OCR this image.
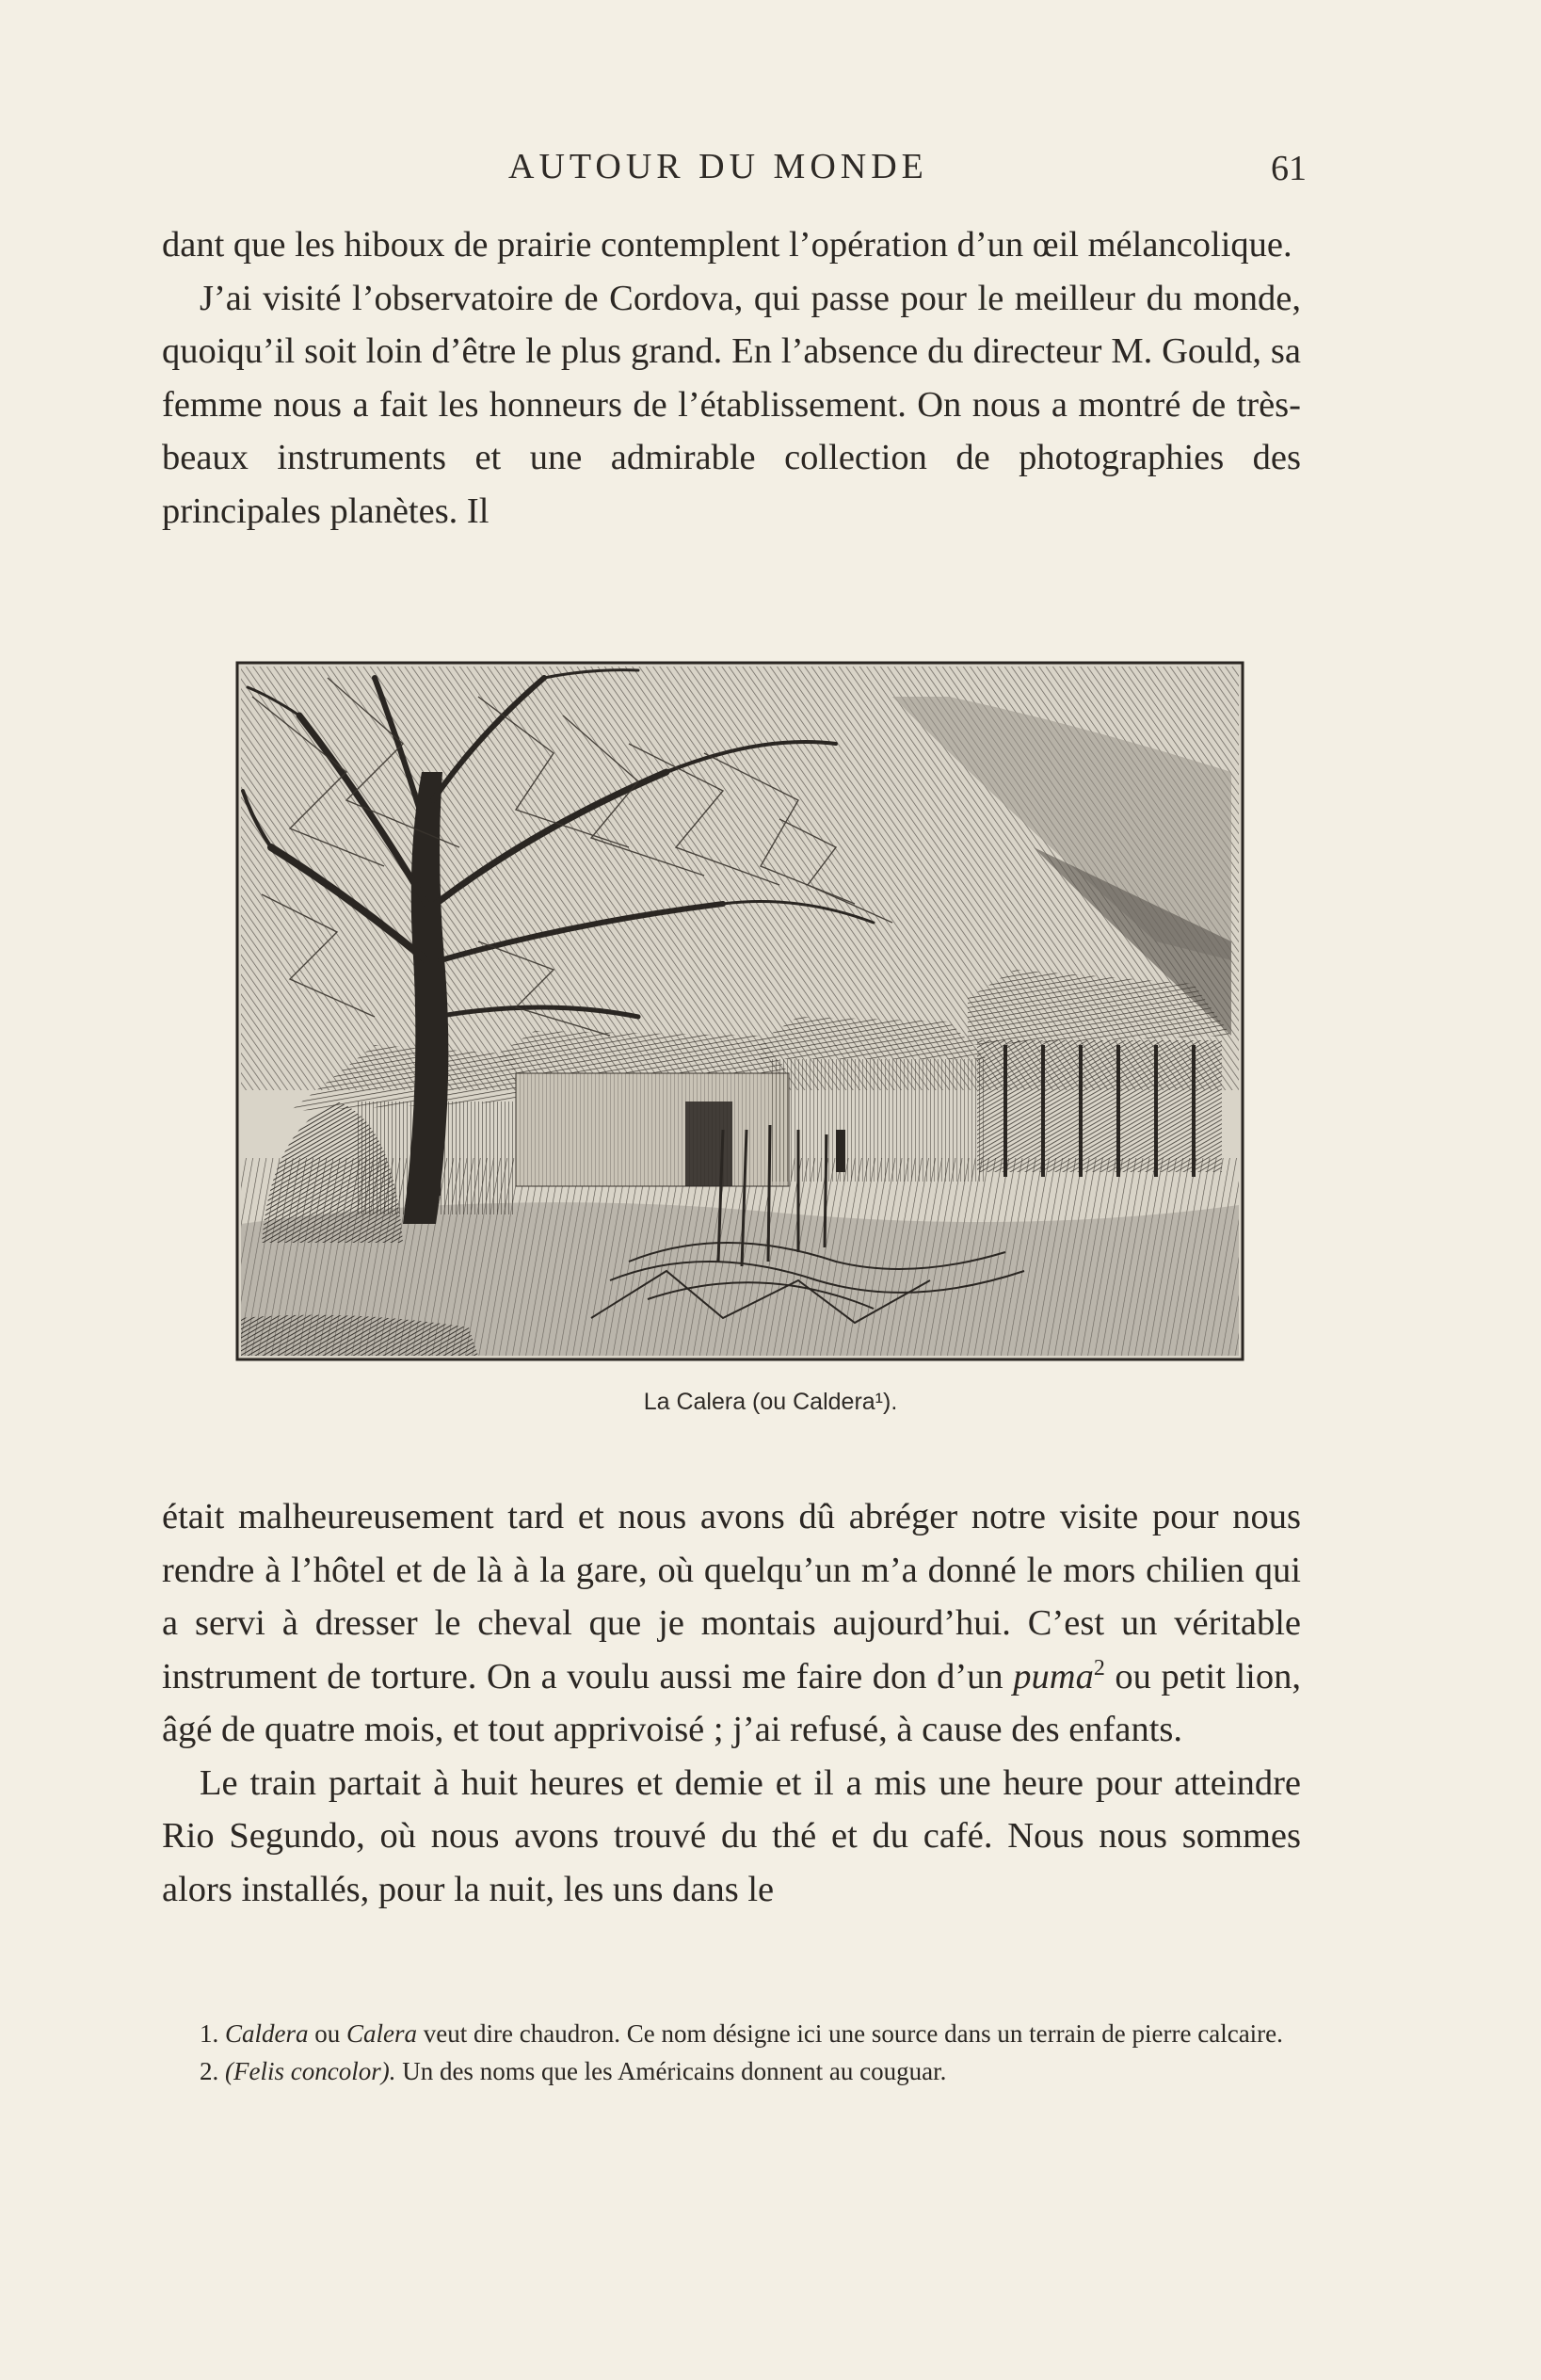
AUTOUR DU MONDE	61

dant que les hiboux de prairie contemplent l’opération d’un œil mélancolique.

J’ai visité l’observatoire de Cordova, qui passe pour le meilleur du monde, quoiqu’il soit loin d’être le plus grand. En l’absence du directeur M. Gould, sa femme nous a fait les honneurs de l’établissement. On nous a montré de très-beaux instruments et une admirable collection de photographies des principales planètes. Il

La Calera (ou Caldera¹).

était malheureusement tard et nous avons dû abréger notre visite pour nous rendre à l’hôtel et de là à la gare, où quelqu’un m’a donné le mors chilien qui a servi à dresser le cheval que je montais aujourd’hui. C’est un véritable instrument de torture. On a voulu aussi me faire don d’un puma$^2$ ou petit lion, âgé de quatre mois, et tout apprivoisé ; j’ai refusé, à cause des enfants.

Le train partait à huit heures et demie et il a mis une heure pour atteindre Rio Segundo, où nous avons trouvé du thé et du café. Nous nous sommes alors installés, pour la nuit, les uns dans le

1. Caldera ou Calera veut dire chaudron. Ce nom désigne ici une source dans un terrain de pierre calcaire.

2. (Felis concolor). Un des noms que les Américains donnent au couguar.
